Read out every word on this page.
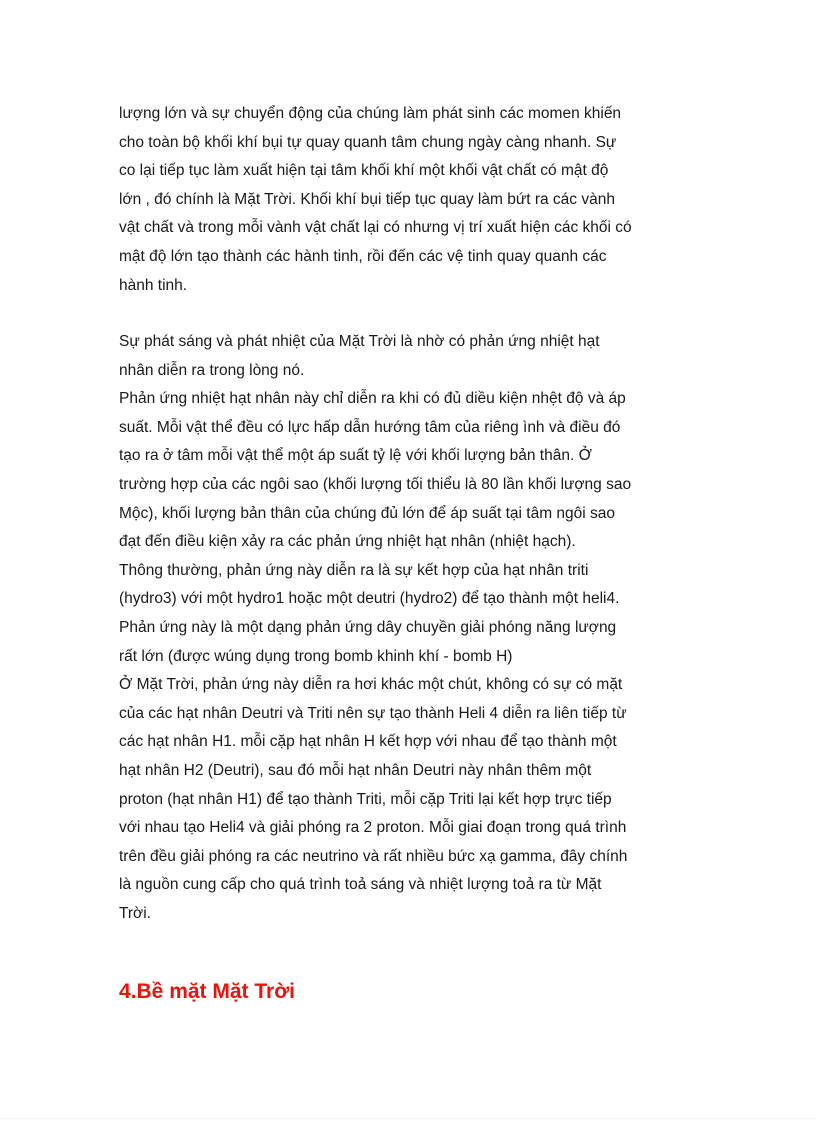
lượng lớn và sự chuyển động của chúng làm phát sinh các momen khiến
cho toàn bộ khối khí bụi tự quay quanh tâm chung ngày càng nhanh. Sự
co lại tiếp tục làm xuất hiện tại tâm khối khí một khối vật chất có mật độ
lớn , đó chính là Mặt Trời. Khối khí bụi tiếp tục quay làm bứt ra các vành
vật chất và trong mỗi vành vật chất lại có nhưng vị trí xuất hiện các khối có
mật độ lớn tạo thành các hành tinh, rồi đến các vệ tinh quay quanh các
hành tinh.
Sự phát sáng và phát nhiệt của Mặt Trời là nhờ có phản ứng nhiệt hạt
nhân diễn ra trong lòng nó.
Phản ứng nhiệt hạt nhân này chỉ diễn ra khi có đủ diều kiện nhệt độ và áp
suất. Mỗi vật thể đều có lực hấp dẫn hướng tâm của riêng ình và điều đó
tạo ra ở tâm mỗi vật thể một áp suất tỷ lệ với khối lượng bản thân. Ở
trường hợp của các ngôi sao (khối lượng tối thiểu là 80 lần khối lượng sao
Mộc), khối lượng bản thân của chúng đủ lớn để áp suất tại tâm ngôi sao
đạt đến điều kiện xảy ra các phản ứng nhiệt hạt nhân (nhiệt hạch).
Thông thường, phản ứng này diễn ra là sự kết hợp của hạt nhân triti
(hydro3) với một hydro1 hoặc một deutri (hydro2) để tạo thành một heli4.
Phản ứng này là một dạng phản ứng dây chuyền giải phóng năng lượng
rất lớn (được wúng dụng trong bomb khinh khí - bomb H)
Ở Mặt Trời, phản ứng này diễn ra hơi khác một chút, không có sự có mặt
của các hạt nhân Deutri và Triti nên sự tạo thành Heli 4 diễn ra liên tiếp từ
các hạt nhân H1. mỗi cặp hạt nhân H kết hợp với nhau để tạo thành một
hạt nhân H2 (Deutri), sau đó mỗi hạt nhân Deutri này nhân thêm một
proton (hạt nhân H1) để tạo thành Triti, mỗi cặp Triti lại kết hợp trực tiếp
với nhau tạo Heli4 và giải phóng ra 2 proton. Mỗi giai đoạn trong quá trình
trên đều giải phóng ra các neutrino và rất nhiều bức xạ gamma, đây chính
là nguồn cung cấp cho quá trình toả sáng và nhiệt lượng toả ra từ Mặt
Trời.
4.Bề mặt Mặt Trời
